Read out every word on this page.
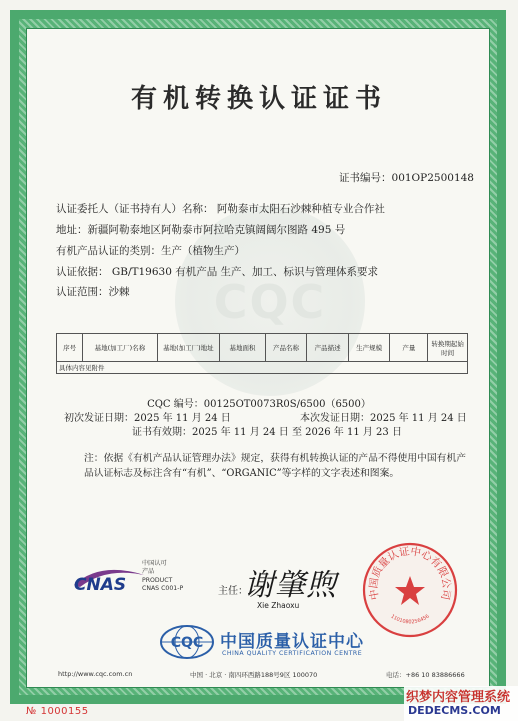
CQC
有机转换认证证书
证书编号：001OP2500148
认证委托人（证书持有人）名称： 阿勒泰市太阳石沙棘种植专业合作社
地址：新疆阿勒泰地区阿勒泰市阿拉哈克镇阔阔尔图路 495 号
有机产品认证的类别：生产（植物生产）
认证依据： GB/T19630 有机产品 生产、加工、标识与管理体系要求
认证范围：沙棘
序号	基地(加工厂)名称	基地(加工厂)地址	基地面积	产品名称	产品描述	生产规模	产量	转换期起始时间
具体内容见附件
CQC 编号：00125OT0073R0S/6500（6500）
初次发证日期：2025 年 11 月 24 日	本次发证日期：2025 年 11 月 24 日
证书有效期：2025 年 11 月 24 日 至 2026 年 11 月 23 日
注：依据《有机产品认证管理办法》规定，获得有机转换认证的产品不得使用中国有机产品认证标志及标注含有“有机”、“ORGANIC”等字样的文字表述和图案。
CNAS
中国认可
产品
PRODUCT
CNAS C001-P	主任：
谢肇煦
Xie Zhaoxu
中国质量认证中心有限公司
1101080256456
CQC 中国质量认证中心
CHINA QUALITY CERTIFICATION CENTRE
http://www.cqc.com.cn	中国 · 北京 · 南四环西路188号9区 100070	电话：+86 10 83886666
№ 1000155
织梦内容管理系统
DEDECMS.COM
